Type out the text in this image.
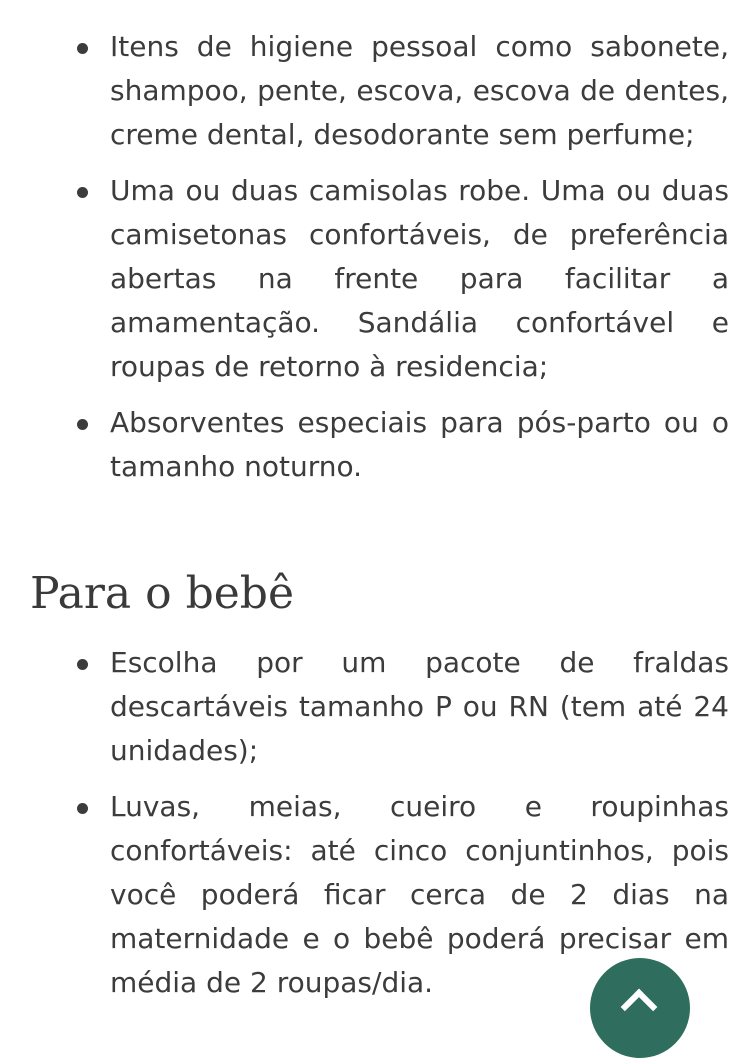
Itens de higiene pessoal como sabonete, shampoo, pente, escova, escova de dentes, creme dental, desodorante sem perfume;
Uma ou duas camisolas robe. Uma ou duas camisetonas confortáveis, de preferência abertas na frente para facilitar a amamentação. Sandália confortável e roupas de retorno à residencia;
Absorventes especiais para pós-parto ou o tamanho noturno.
Para o bebê
Escolha por um pacote de fraldas descartáveis tamanho P ou RN (tem até 24 unidades);
Luvas, meias, cueiro e roupinhas confortáveis: até cinco conjuntinhos, pois você poderá ficar cerca de 2 dias na maternidade e o bebê poderá precisar em média de 2 roupas/dia.
